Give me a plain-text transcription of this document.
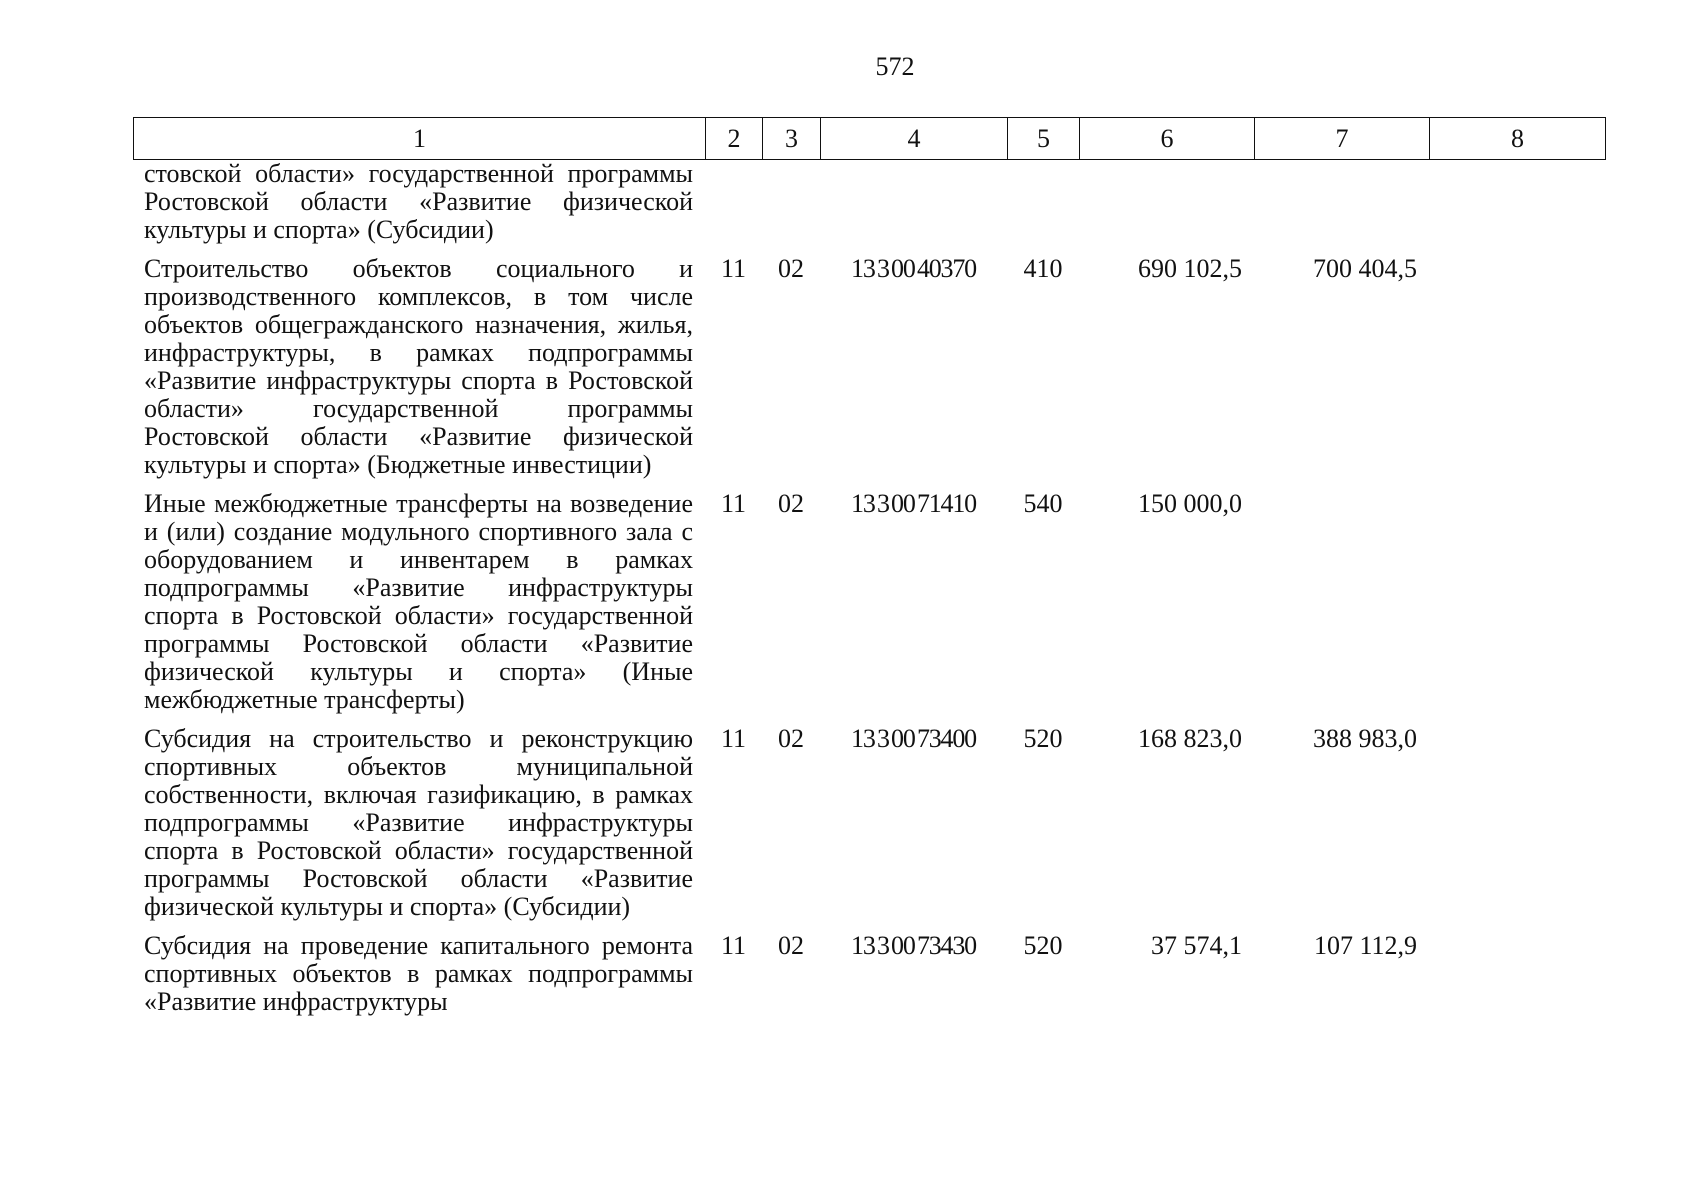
572
1	2	3	4	5	6	7	8
стовской области» государственной программы Ростовской области «Развитие физической культуры и спорта» (Субсидии)							
Строительство объектов социального и производственного комплексов, в том числе объектов общегражданского назначения, жилья, инфраструктуры, в рамках подпрограммы «Развитие инфраструктуры спорта в Ростовской области» государственной программы Ростовской области «Развитие физической культуры и спорта» (Бюджетные инвестиции)	11	02	13 3 00 40370	410	690 102,5	700 404,5	
Иные межбюджетные трансферты на возведение и (или) создание модульного спортивного зала с оборудованием и инвентарем в рамках подпрограммы «Развитие инфраструктуры спорта в Ростовской области» государственной программы Ростовской области «Развитие физической культуры и спорта» (Иные межбюджетные трансферты)	11	02	13 3 00 71410	540	150 000,0		
Субсидия на строительство и реконструкцию спортивных объектов муниципальной собственности, включая газификацию, в рамках подпрограммы «Развитие инфраструктуры спорта в Ростовской области» государственной программы Ростовской области «Развитие физической культуры и спорта» (Субсидии)	11	02	13 3 00 73400	520	168 823,0	388 983,0	
Субсидия на проведение капитального ремонта спортивных объектов в рамках подпрограммы «Развитие инфраструктуры	11	02	13 3 00 73430	520	37 574,1	107 112,9	
